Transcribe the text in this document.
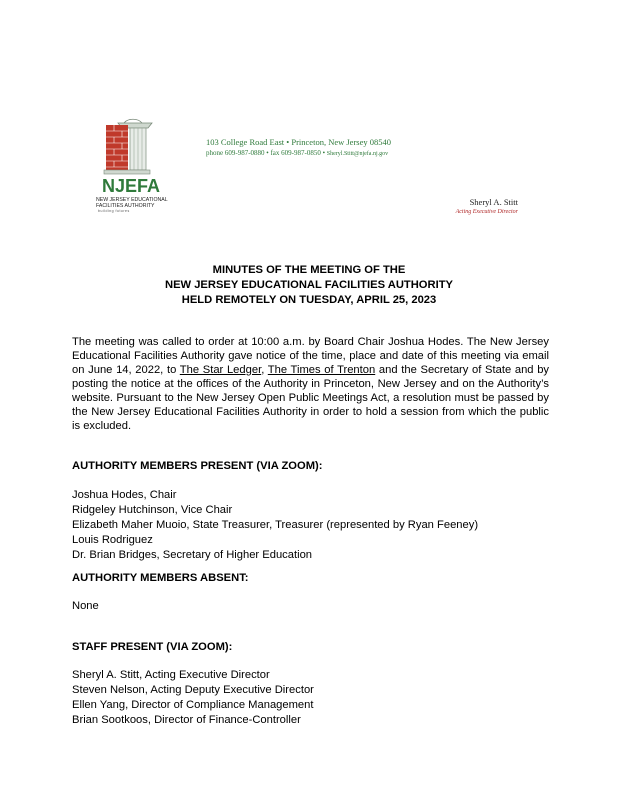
NJEFA
NEW JERSEY EDUCATIONAL FACILITIES AUTHORITY
building futures
103 College Road East • Princeton, New Jersey 08540
phone 609-987-0880 • fax 609-987-0850 • Sheryl.Stitt@njefa.nj.gov
Sheryl A. Stitt
Acting Executive Director
MINUTES OF THE MEETING OF THE
NEW JERSEY EDUCATIONAL FACILITIES AUTHORITY
HELD REMOTELY ON TUESDAY, APRIL 25, 2023
The meeting was called to order at 10:00 a.m. by Board Chair Joshua Hodes. The New Jersey Educational Facilities Authority gave notice of the time, place and date of this meeting via email on June 14, 2022, to The Star Ledger, The Times of Trenton and the Secretary of State and by posting the notice at the offices of the Authority in Princeton, New Jersey and on the Authority’s website. Pursuant to the New Jersey Open Public Meetings Act, a resolution must be passed by the New Jersey Educational Facilities Authority in order to hold a session from which the public is excluded.
AUTHORITY MEMBERS PRESENT (VIA ZOOM):
Joshua Hodes, Chair
Ridgeley Hutchinson, Vice Chair
Elizabeth Maher Muoio, State Treasurer, Treasurer (represented by Ryan Feeney)
Louis Rodriguez
Dr. Brian Bridges, Secretary of Higher Education
AUTHORITY MEMBERS ABSENT:
None
STAFF PRESENT (VIA ZOOM):
Sheryl A. Stitt, Acting Executive Director
Steven Nelson, Acting Deputy Executive Director
Ellen Yang, Director of Compliance Management
Brian Sootkoos, Director of Finance-Controller
